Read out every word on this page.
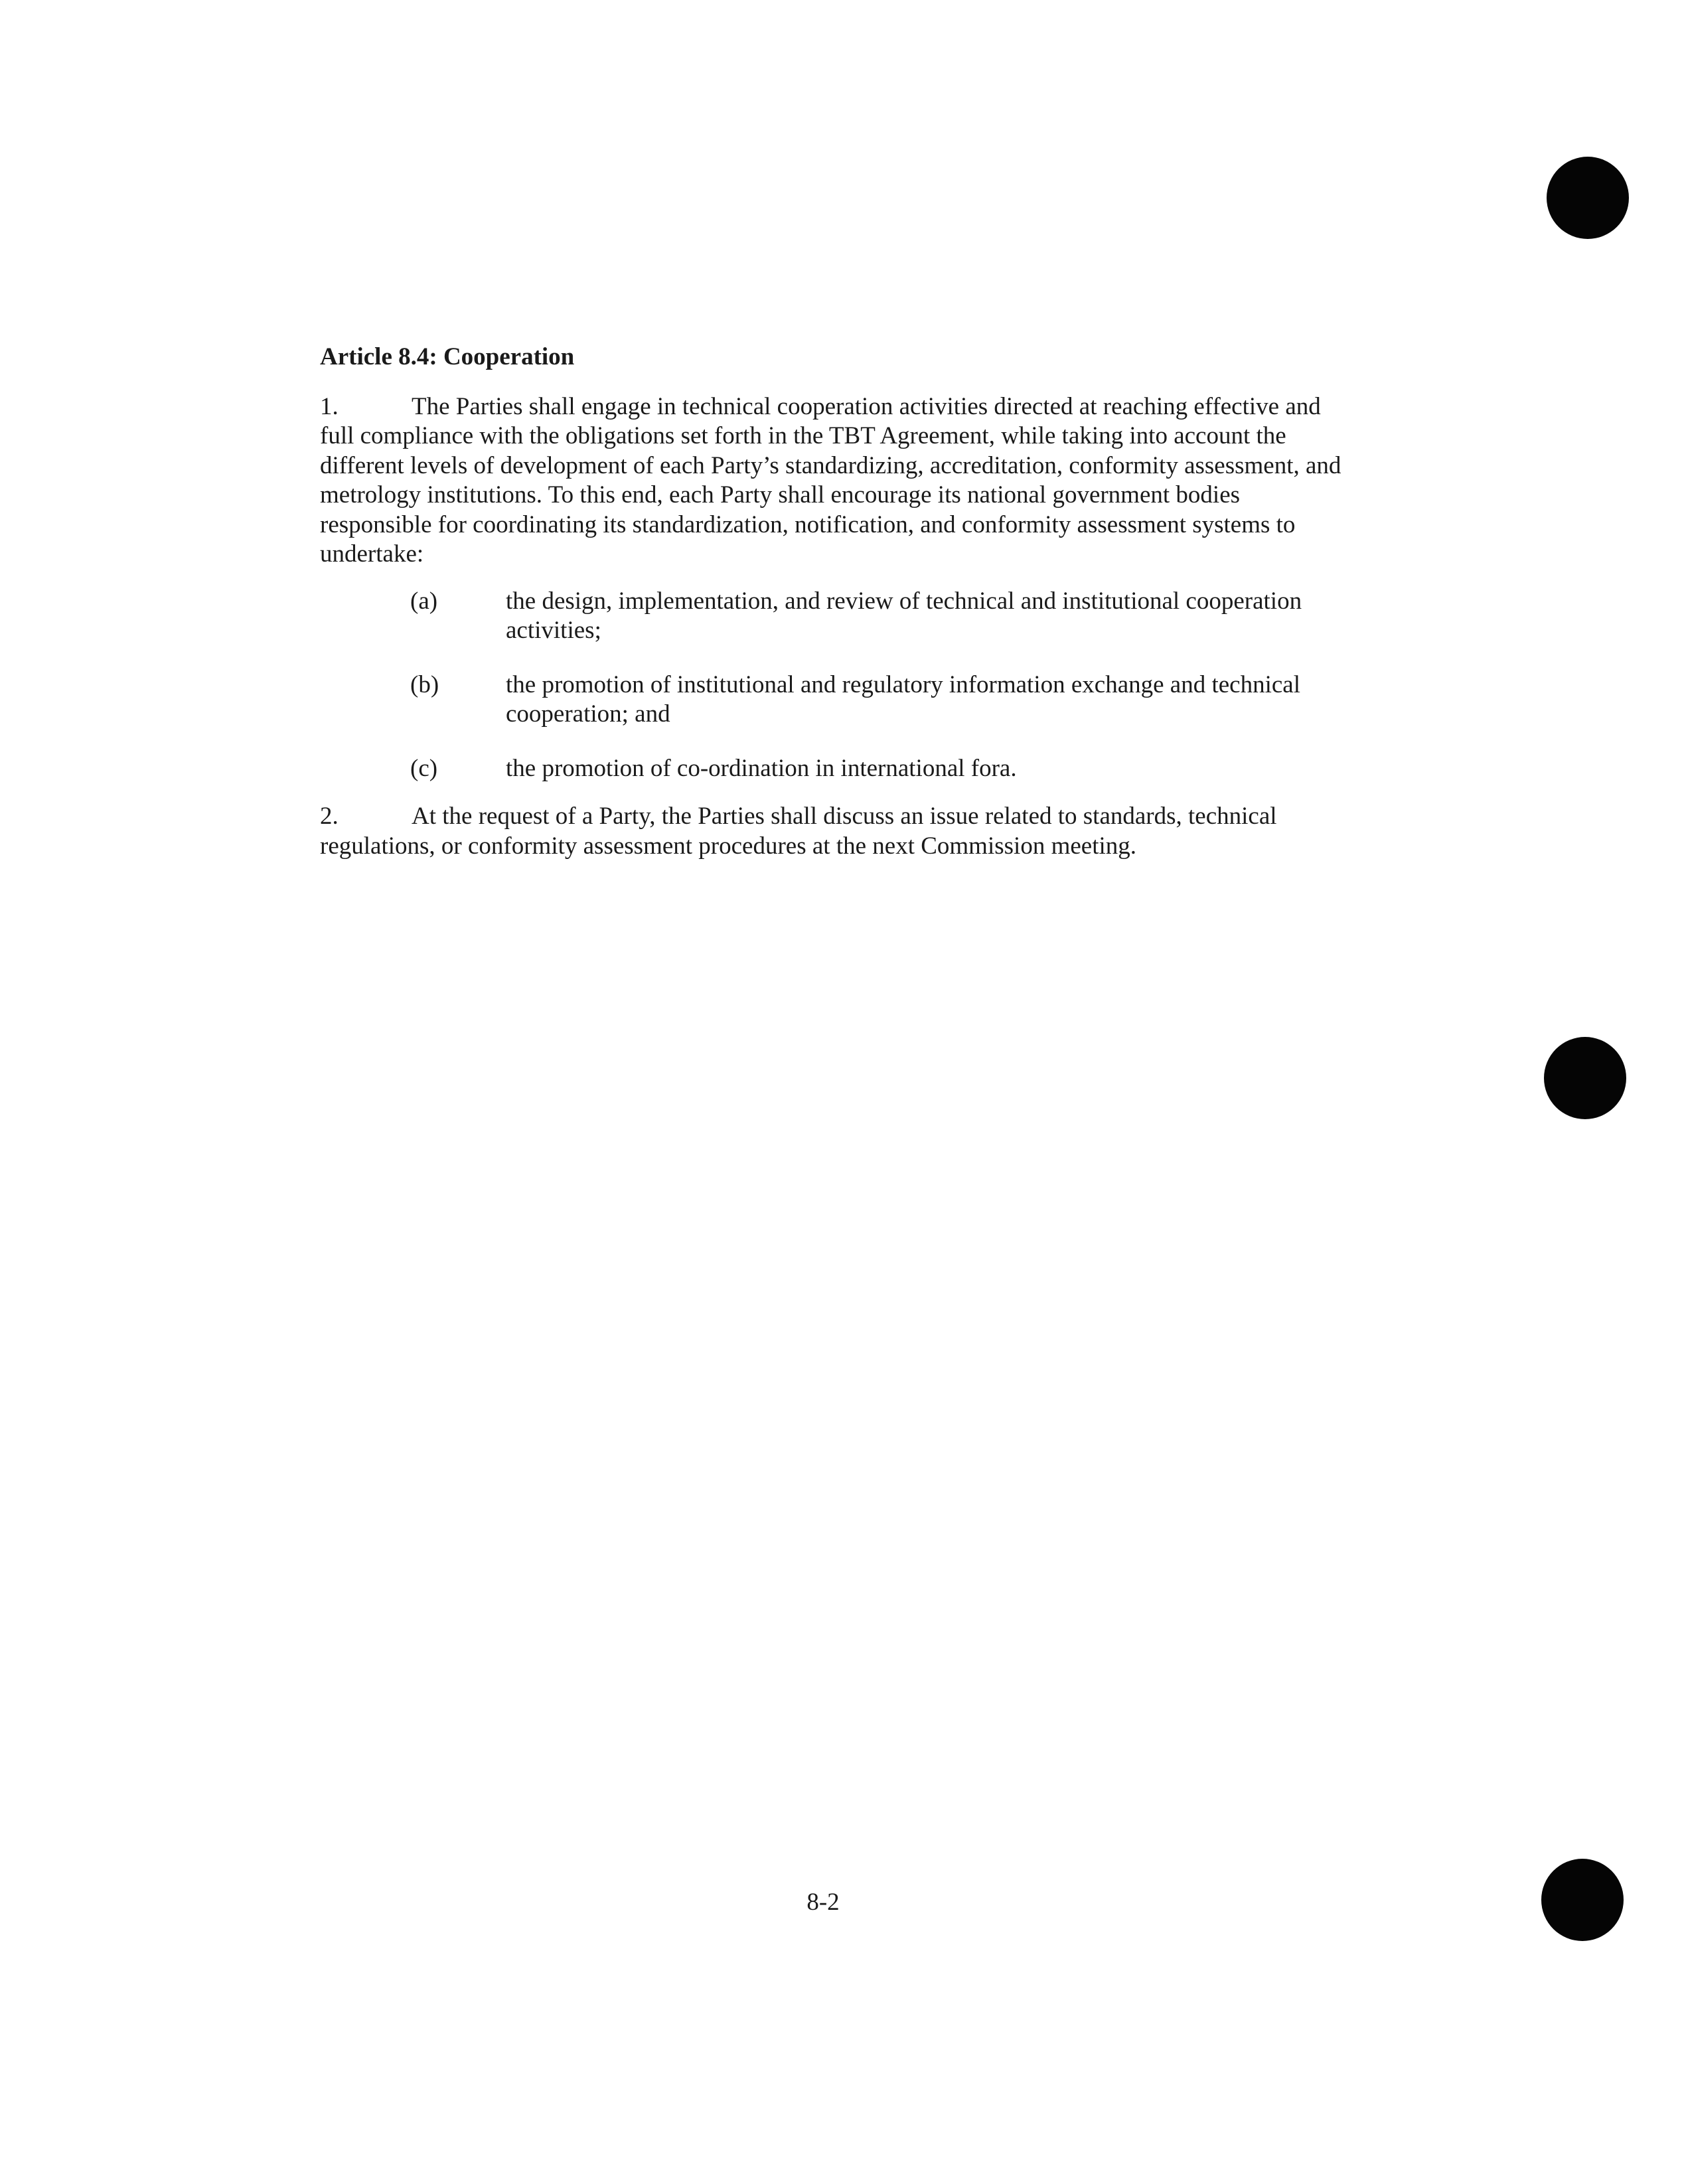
Article 8.4: Cooperation
1.	The Parties shall engage in technical cooperation activities directed at reaching effective and full compliance with the obligations set forth in the TBT Agreement, while taking into account the different levels of development of each Party’s standardizing, accreditation, conformity assessment, and metrology institutions. To this end, each Party shall encourage its national government bodies responsible for coordinating its standardization, notification, and conformity assessment systems to undertake:
(a)	the design, implementation, and review of technical and institutional cooperation activities;
(b)	the promotion of institutional and regulatory information exchange and technical cooperation; and
(c)	the promotion of co-ordination in international fora.
2.	At the request of a Party, the Parties shall discuss an issue related to standards, technical regulations, or conformity assessment procedures at the next Commission meeting.
8-2
